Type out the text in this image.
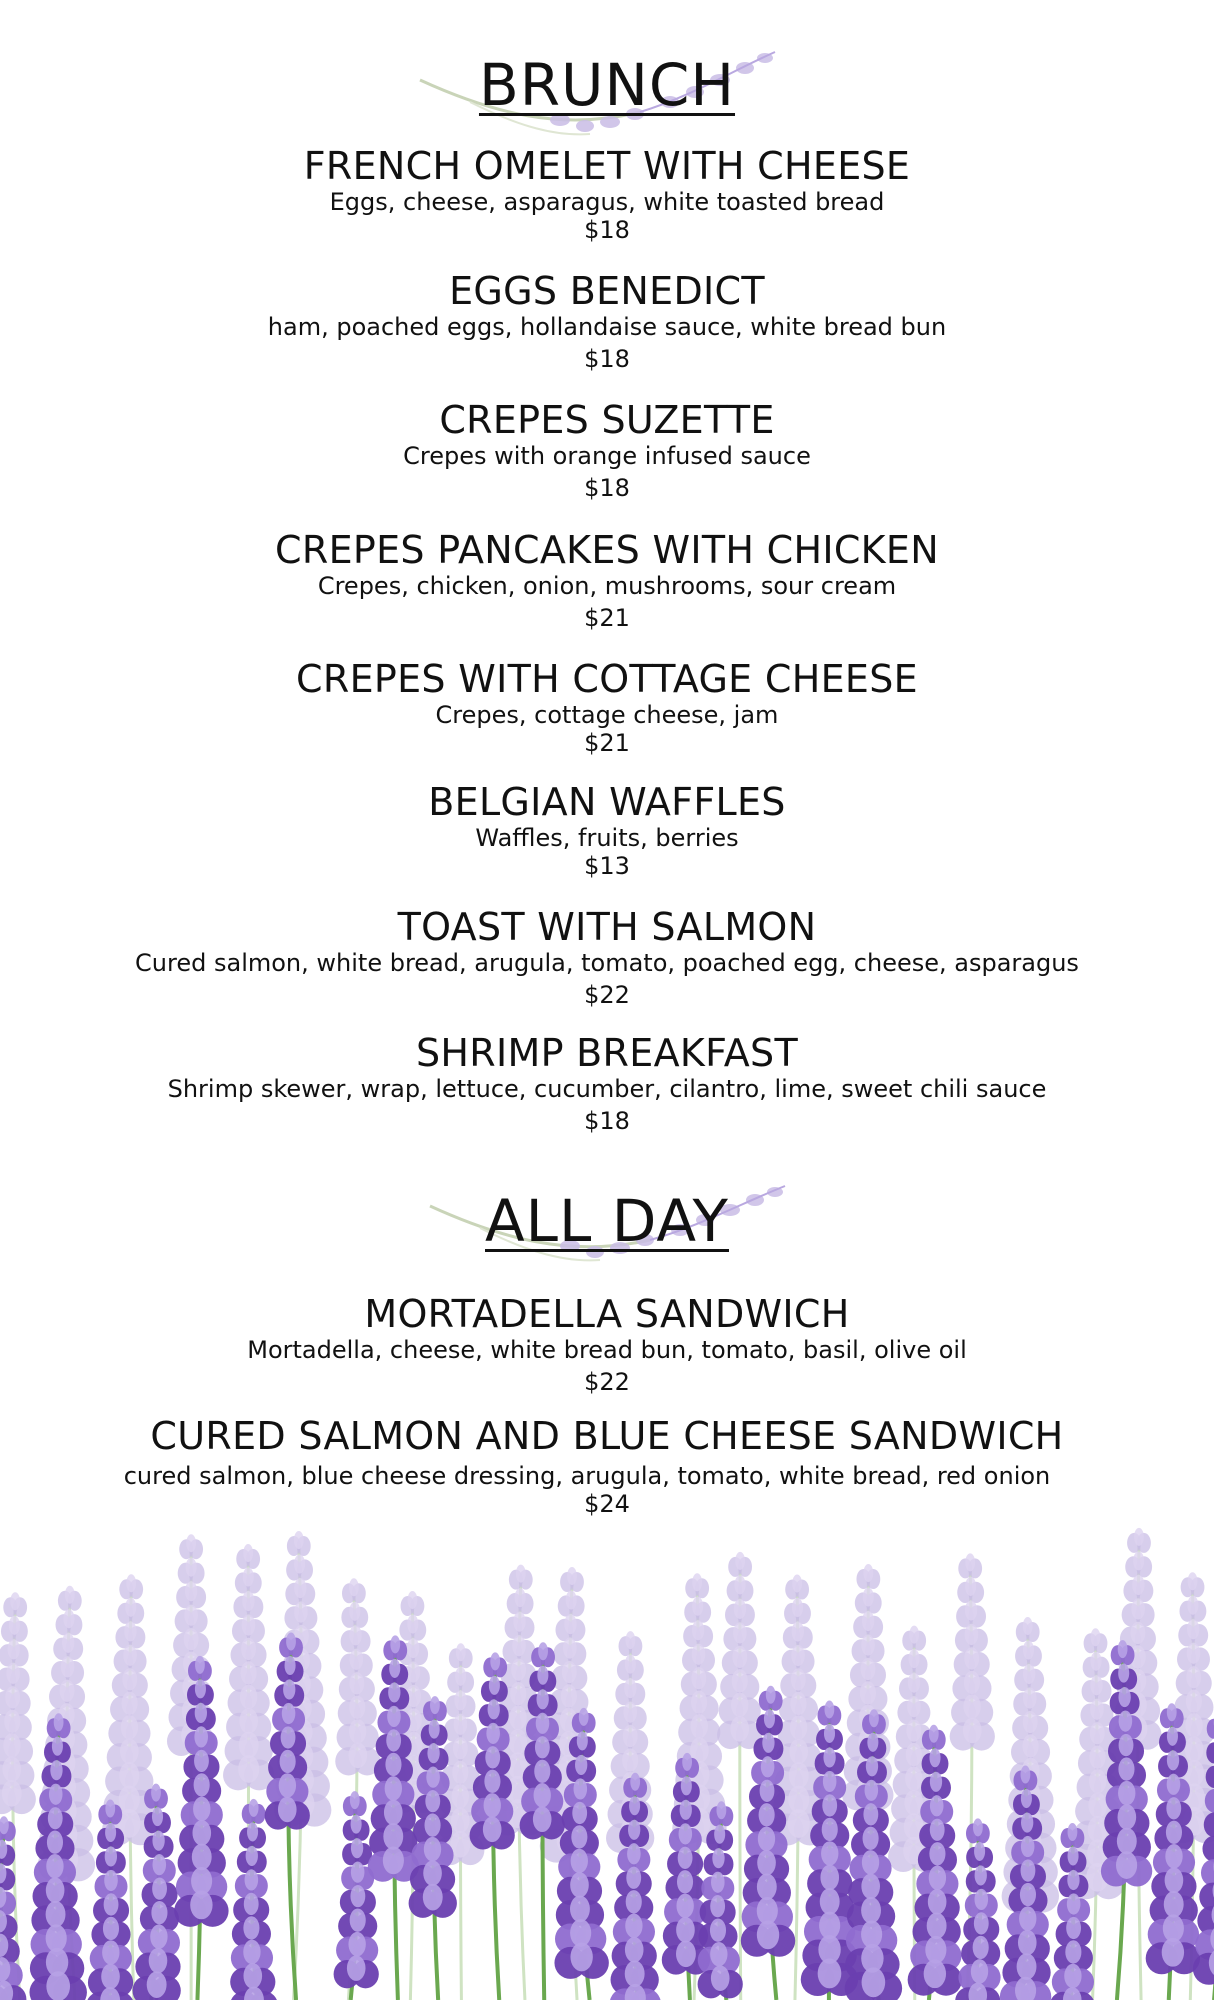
BRUNCH
FRENCH OMELET WITH CHEESE
Eggs, cheese, asparagus, white toasted bread
$18
EGGS BENEDICT
ham, poached eggs, hollandaise sauce, white bread bun
$18
CREPES SUZETTE
Crepes with orange infused sauce
$18
CREPES PANCAKES WITH CHICKEN
Crepes, chicken, onion, mushrooms, sour cream
$21
CREPES WITH COTTAGE CHEESE
Crepes, cottage cheese, jam
$21
BELGIAN WAFFLES
Waffles, fruits, berries
$13
TOAST WITH SALMON
Cured salmon, white bread, arugula, tomato, poached egg, cheese, asparagus
$22
SHRIMP BREAKFAST
Shrimp skewer, wrap, lettuce, cucumber, cilantro, lime, sweet chili sauce
$18
ALL DAY
MORTADELLA SANDWICH
Mortadella, cheese, white bread bun, tomato, basil, olive oil
$22
CURED SALMON AND BLUE CHEESE SANDWICH
cured salmon, blue cheese dressing, arugula, tomato, white bread, red onion
$24
